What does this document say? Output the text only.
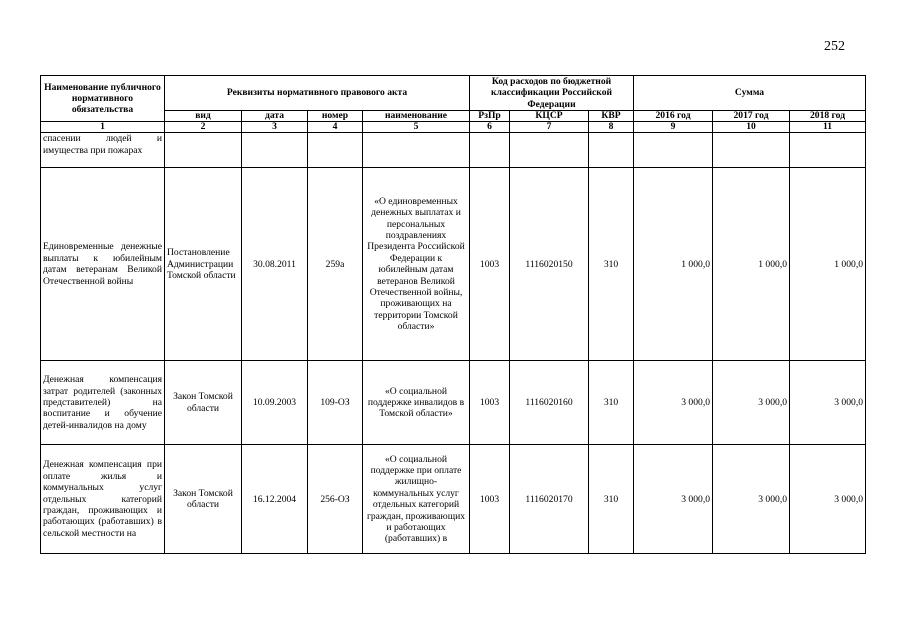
252
Наименование публичного нормативного обязательства	Реквизиты нормативного правового акта				Код расходов по бюджетной классификации Российской Федерации			Сумма		
	вид	дата	номер	наименование	РзПр	КЦСР	КВР	2016 год	2017 год	2018 год
1	2	3	4	5	6	7	8	9	10	11
спасении людей и имущества при пожарах										
Единовременные денежные выплаты к юбилейным датам ветеранам Великой Отечественной войны	Постановление Администрации Томской области	30.08.2011	259а	«О единовременных денежных выплатах и персональных поздравлениях Президента Российской Федерации к юбилейным датам ветеранов Великой Отечественной войны, проживающих на территории Томской области»	1003	1116020150	310	1 000,0	1 000,0	1 000,0
Денежная компенсация затрат родителей (законных представителей) на воспитание и обучение детей-инвалидов на дому	Закон Томской области	10.09.2003	109-ОЗ	«О социальной поддержке инвалидов в Томской области»	1003	1116020160	310	3 000,0	3 000,0	3 000,0
Денежная компенсация при оплате жилья и коммунальных услуг отдельных категорий граждан, проживающих и работающих (работавших) в сельской местности на	Закон Томской области	16.12.2004	256-ОЗ	«О социальной поддержке при оплате жилищно-коммунальных услуг отдельных категорий граждан, проживающих и работающих (работавших) в	1003	1116020170	310	3 000,0	3 000,0	3 000,0
